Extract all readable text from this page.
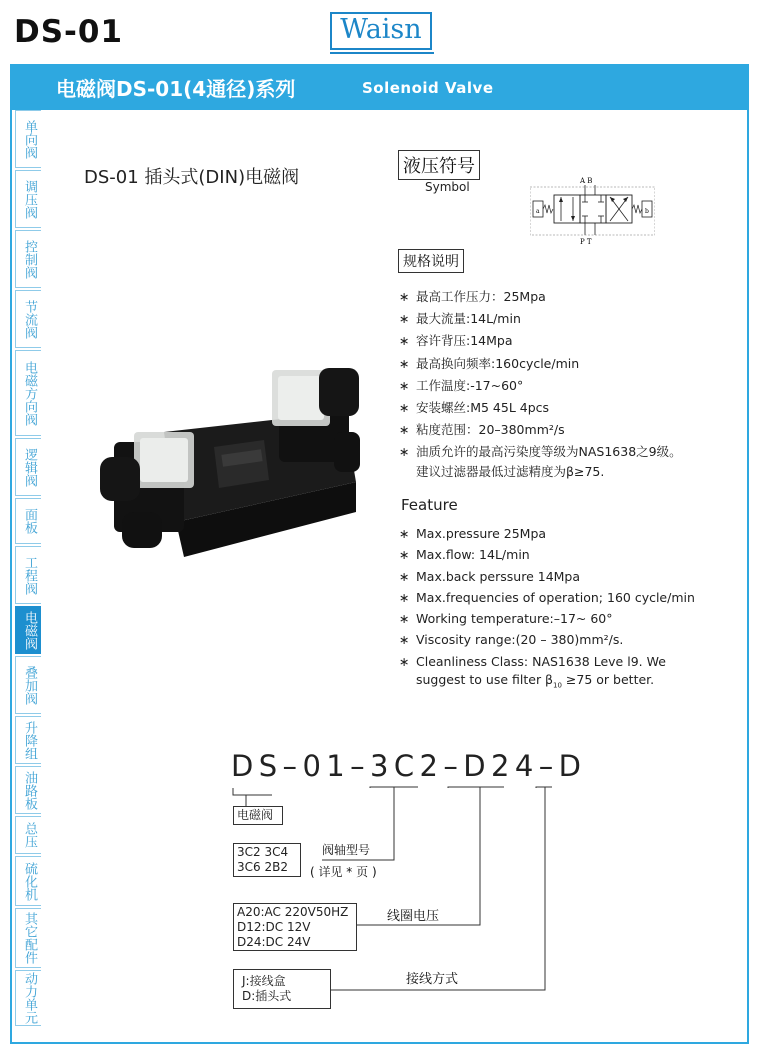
DS-01	Waisn
电磁阀DS-01(4通径)系列	Solenoid Valve
单向阀
调压阀
控制阀
节流阀
电磁方向阀
逻辑阀
面板
工程阀
电磁阀
叠加阀
升降组
油路板
总压
硫化机
其它配件
动力单元
DS-01 插头式(DIN)电磁阀
液压符号
Symbol	A B
P T
a	b
规格说明
∗ 最高工作压力：25Mpa
∗ 最大流量:14L/min
∗ 容许背压:14Mpa
∗ 最高换向频率:160cycle/min
∗ 工作温度:-17~60°
∗ 安装螺丝:M5 45L 4pcs
∗ 粘度范围：20–380mm²/s
∗ 油质允许的最高污染度等级为NAS1638之9级。
建议过滤器最低过滤精度为β≥75.
Feature
∗ Max.pressure 25Mpa
∗ Max.flow: 14L/min
∗ Max.back perssure 14Mpa
∗ Max.frequencies of operation; 160 cycle/min
∗ Working temperature:–17~ 60°
∗ Viscosity range:(20 – 380)mm²/s.
∗ Cleanliness Class: NAS1638 Leve l9. We
suggest to use filter $\beta_{10} \ge 75$ or better.
DS–01–3C2–D24–D
电磁阀
3C2 3C4
3C6 2B2
阀轴型号
( 详见 * 页 )
A20:AC 220V50HZ
D12:DC 12V
D24:DC 24V
线圈电压
J:接线盒
D:插头式
接线方式
